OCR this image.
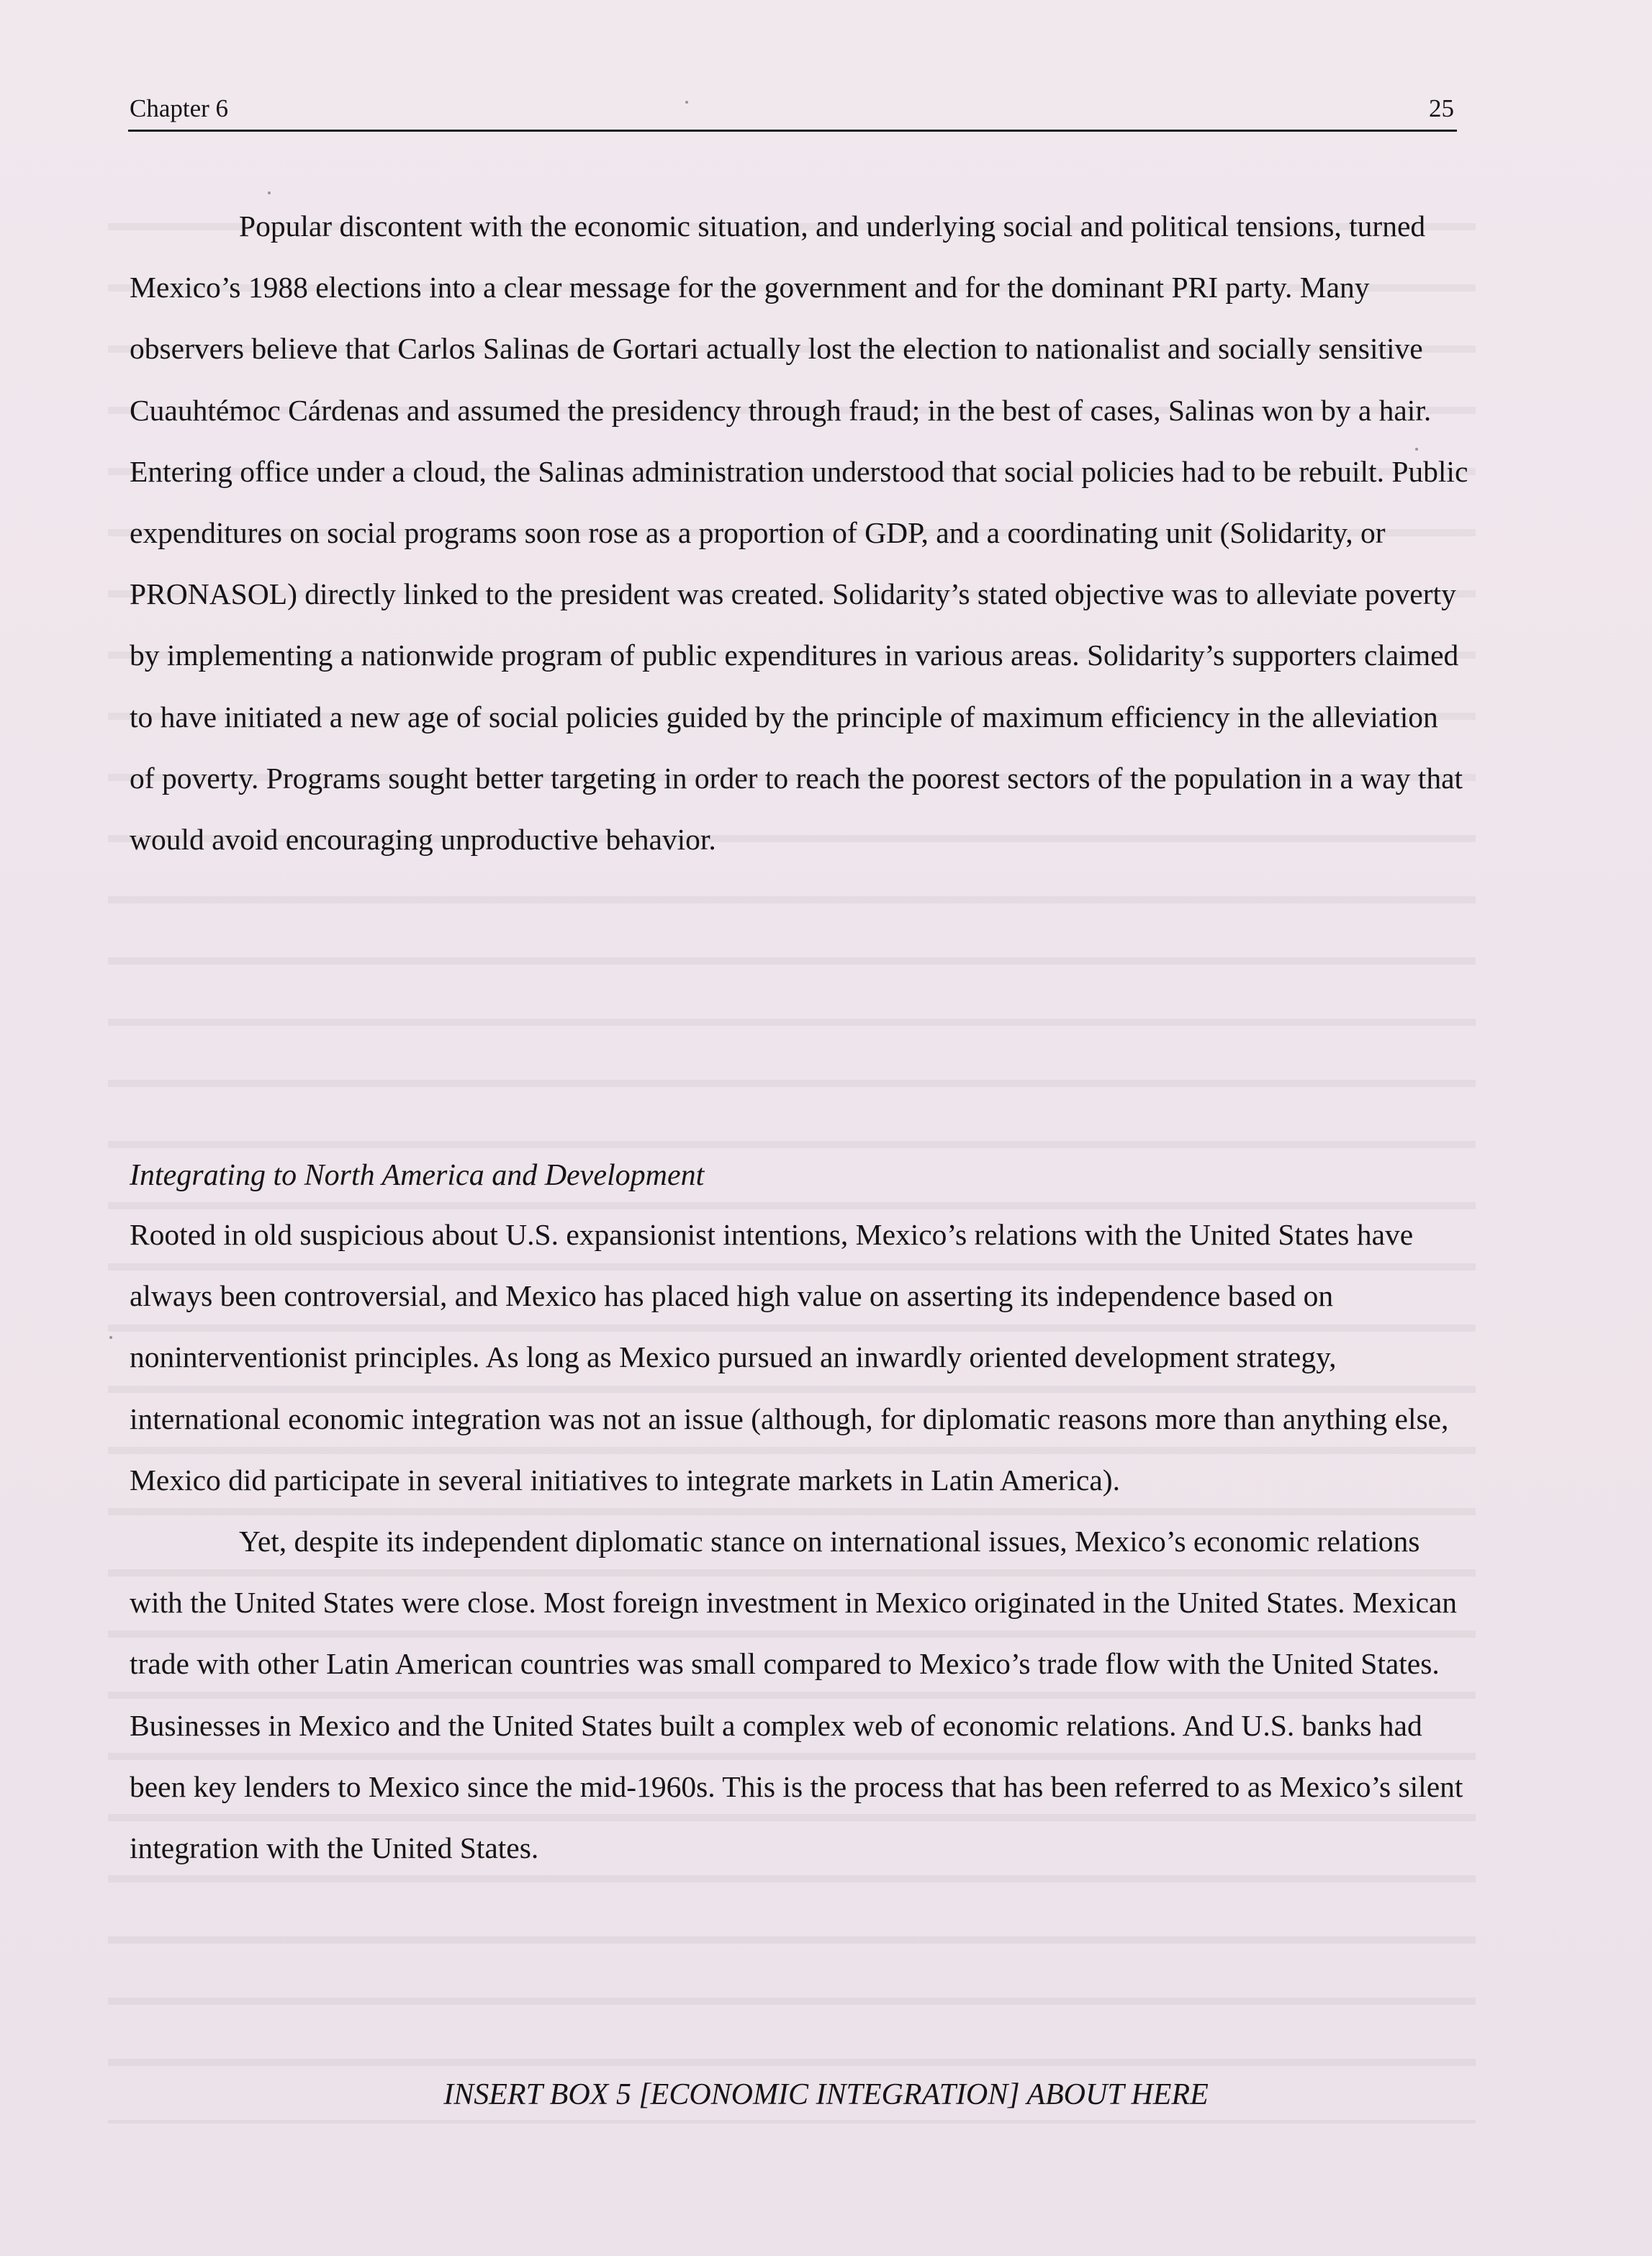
Chapter 6	25

Popular discontent with the economic situation, and underlying social and political tensions, turned Mexico’s 1988 elections into a clear message for the government and for the dominant PRI party. Many observers believe that Carlos Salinas de Gortari actually lost the election to nationalist and socially sensitive Cuauhtémoc Cárdenas and assumed the presidency through fraud; in the best of cases, Salinas won by a hair. Entering office under a cloud, the Salinas administration understood that social policies had to be rebuilt. Public expenditures on social programs soon rose as a proportion of GDP, and a coordinating unit (Solidarity, or PRONASOL) directly linked to the president was created. Solidarity’s stated objective was to alleviate poverty by implementing a nationwide program of public expenditures in various areas. Solidarity’s supporters claimed to have initiated a new age of social policies guided by the principle of maximum efficiency in the alleviation of poverty. Programs sought better targeting in order to reach the poorest sectors of the population in a way that would avoid encouraging unproductive behavior.

Integrating to North America and Development

Rooted in old suspicious about U.S. expansionist intentions, Mexico’s relations with the United States have always been controversial, and Mexico has placed high value on asserting its independence based on noninterventionist principles. As long as Mexico pursued an inwardly oriented development strategy, international economic integration was not an issue (although, for diplomatic reasons more than anything else, Mexico did participate in several initiatives to integrate markets in Latin America).

Yet, despite its independent diplomatic stance on international issues, Mexico’s economic relations with the United States were close. Most foreign investment in Mexico originated in the United States. Mexican trade with other Latin American countries was small compared to Mexico’s trade flow with the United States. Businesses in Mexico and the United States built a complex web of economic relations. And U.S. banks had been key lenders to Mexico since the mid-1960s. This is the process that has been referred to as Mexico’s silent integration with the United States.

INSERT BOX 5 [ECONOMIC INTEGRATION] ABOUT HERE
